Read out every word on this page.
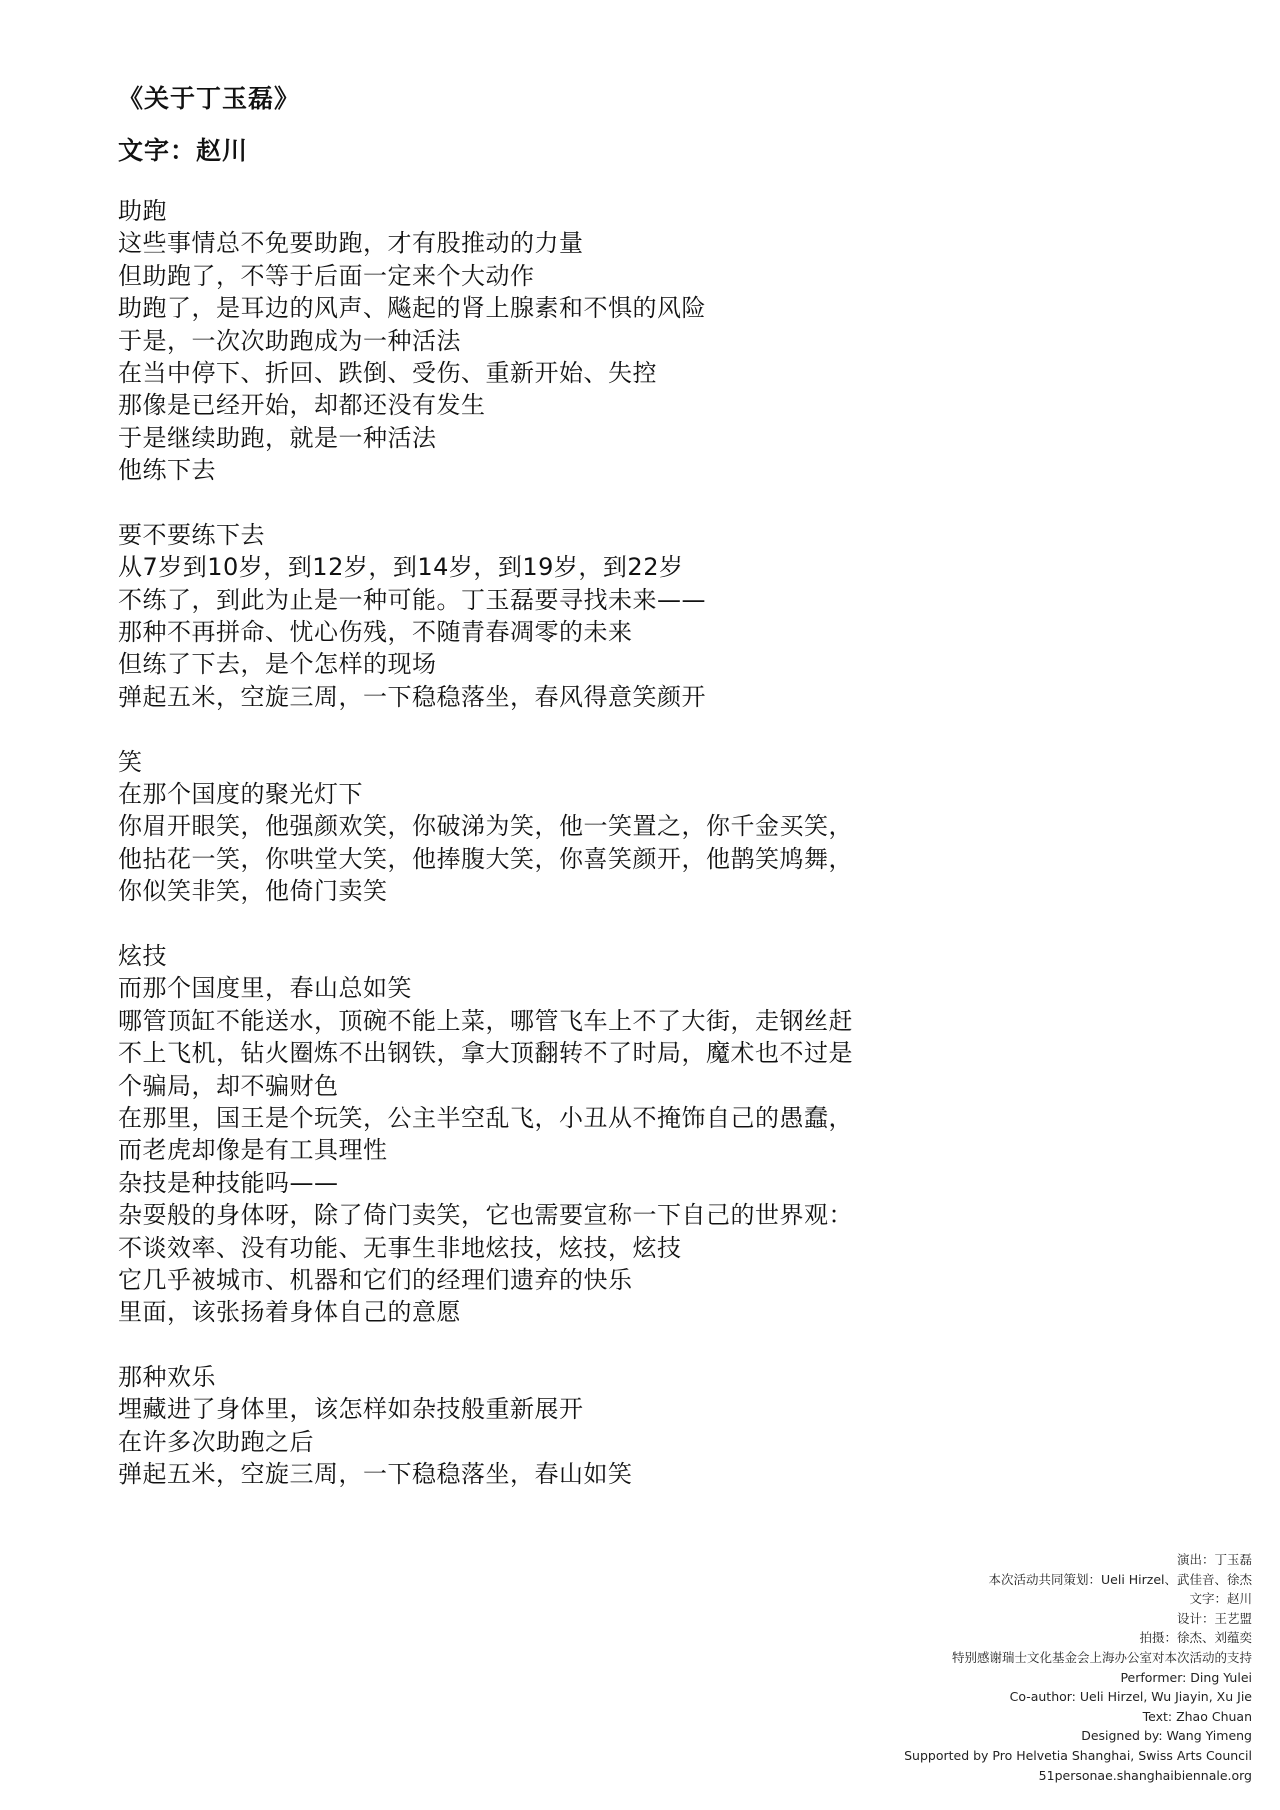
《关于丁玉磊》
文字：赵川
助跑
这些事情总不免要助跑，才有股推动的力量
但助跑了，不等于后面一定来个大动作
助跑了，是耳边的风声、飚起的肾上腺素和不惧的风险
于是，一次次助跑成为一种活法
在当中停下、折回、跌倒、受伤、重新开始、失控
那像是已经开始，却都还没有发生
于是继续助跑，就是一种活法
他练下去
要不要练下去
从7岁到10岁，到12岁，到14岁，到19岁，到22岁
不练了，到此为止是一种可能。丁玉磊要寻找未来——
那种不再拼命、忧心伤残，不随青春凋零的未来
但练了下去，是个怎样的现场
弹起五米，空旋三周，一下稳稳落坐，春风得意笑颜开
笑
在那个国度的聚光灯下
你眉开眼笑，他强颜欢笑，你破涕为笑，他一笑置之，你千金买笑，
他拈花一笑，你哄堂大笑，他捧腹大笑，你喜笑颜开，他鹊笑鸠舞，
你似笑非笑，他倚门卖笑
炫技
而那个国度里，春山总如笑
哪管顶缸不能送水，顶碗不能上菜，哪管飞车上不了大街，走钢丝赶
不上飞机，钻火圈炼不出钢铁，拿大顶翻转不了时局，魔术也不过是
个骗局，却不骗财色
在那里，国王是个玩笑，公主半空乱飞，小丑从不掩饰自己的愚蠢，
而老虎却像是有工具理性
杂技是种技能吗——
杂耍般的身体呀，除了倚门卖笑，它也需要宣称一下自己的世界观：
不谈效率、没有功能、无事生非地炫技，炫技，炫技
它几乎被城市、机器和它们的经理们遗弃的快乐
里面，该张扬着身体自己的意愿
那种欢乐
埋藏进了身体里，该怎样如杂技般重新展开
在许多次助跑之后
弹起五米，空旋三周，一下稳稳落坐，春山如笑
演出：丁玉磊
本次活动共同策划：Ueli Hirzel、武佳音、徐杰
文字：赵川
设计：王艺盟
拍摄：徐杰、刘蕴奕
特别感谢瑞士文化基金会上海办公室对本次活动的支持
Performer: Ding Yulei
Co-author: Ueli Hirzel, Wu Jiayin, Xu Jie
Text: Zhao Chuan
Designed by: Wang Yimeng
Supported by Pro Helvetia Shanghai, Swiss Arts Council
51personae.shanghaibiennale.org
